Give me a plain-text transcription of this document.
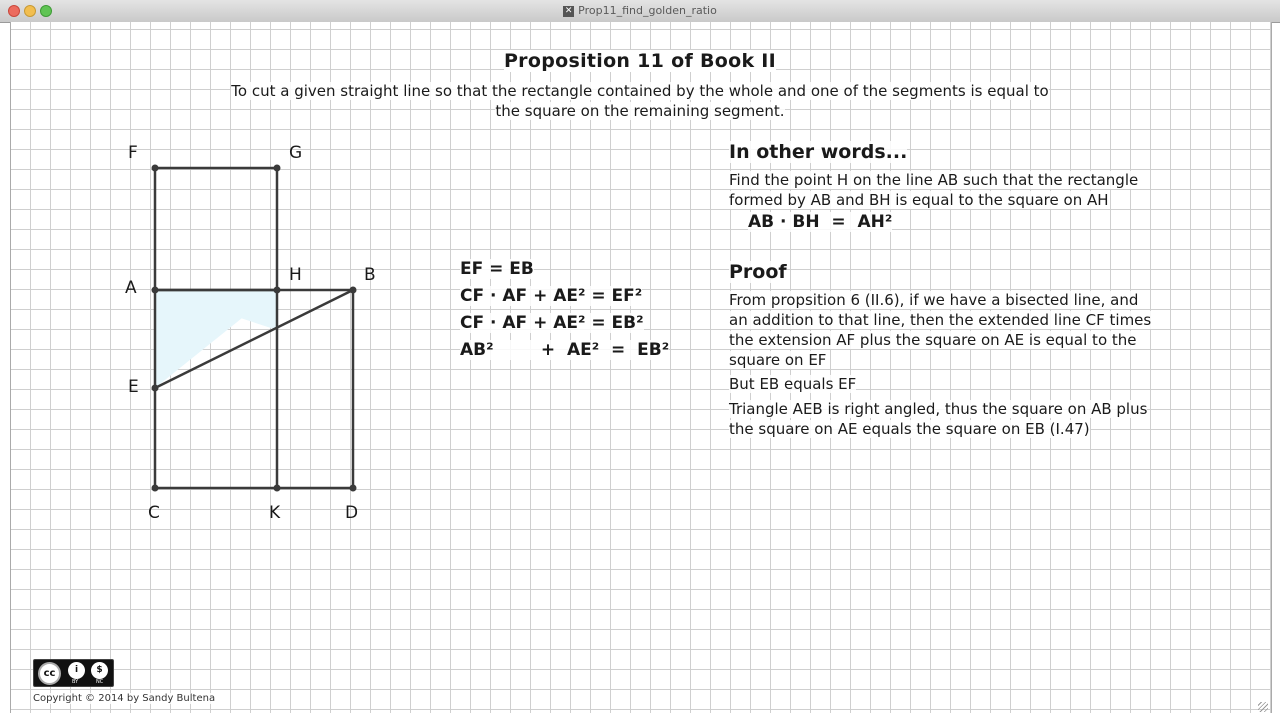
✕ Prop11_find_golden_ratio
Proposition 11 of Book II
To cut a given straight line so that the rectangle contained by the whole and one of the segments is equal to
the square on the remaining segment.
F	G
A
H	B
E
C	K	D
EF = EB
CF · AF + AE² = EF²
CF · AF + AE² = EB²
AB²        +  AE²  =  EB²
In other words...
Find the point H on the line AB such that the rectangle
formed by AB and BH is equal to the square on AH
AB · BH  =  AH²
Proof
From propsition 6 (II.6), if we have a bisected line, and
an addition to that line, then the extended line CF times
the extension AF plus the square on AE is equal to the
square on EF
But EB equals EF
Triangle AEB is right angled, thus the square on AB plus
the square on AE equals the square on EB (I.47)
cc	i	$
BY	NC
Copyright © 2014 by Sandy Bultena
